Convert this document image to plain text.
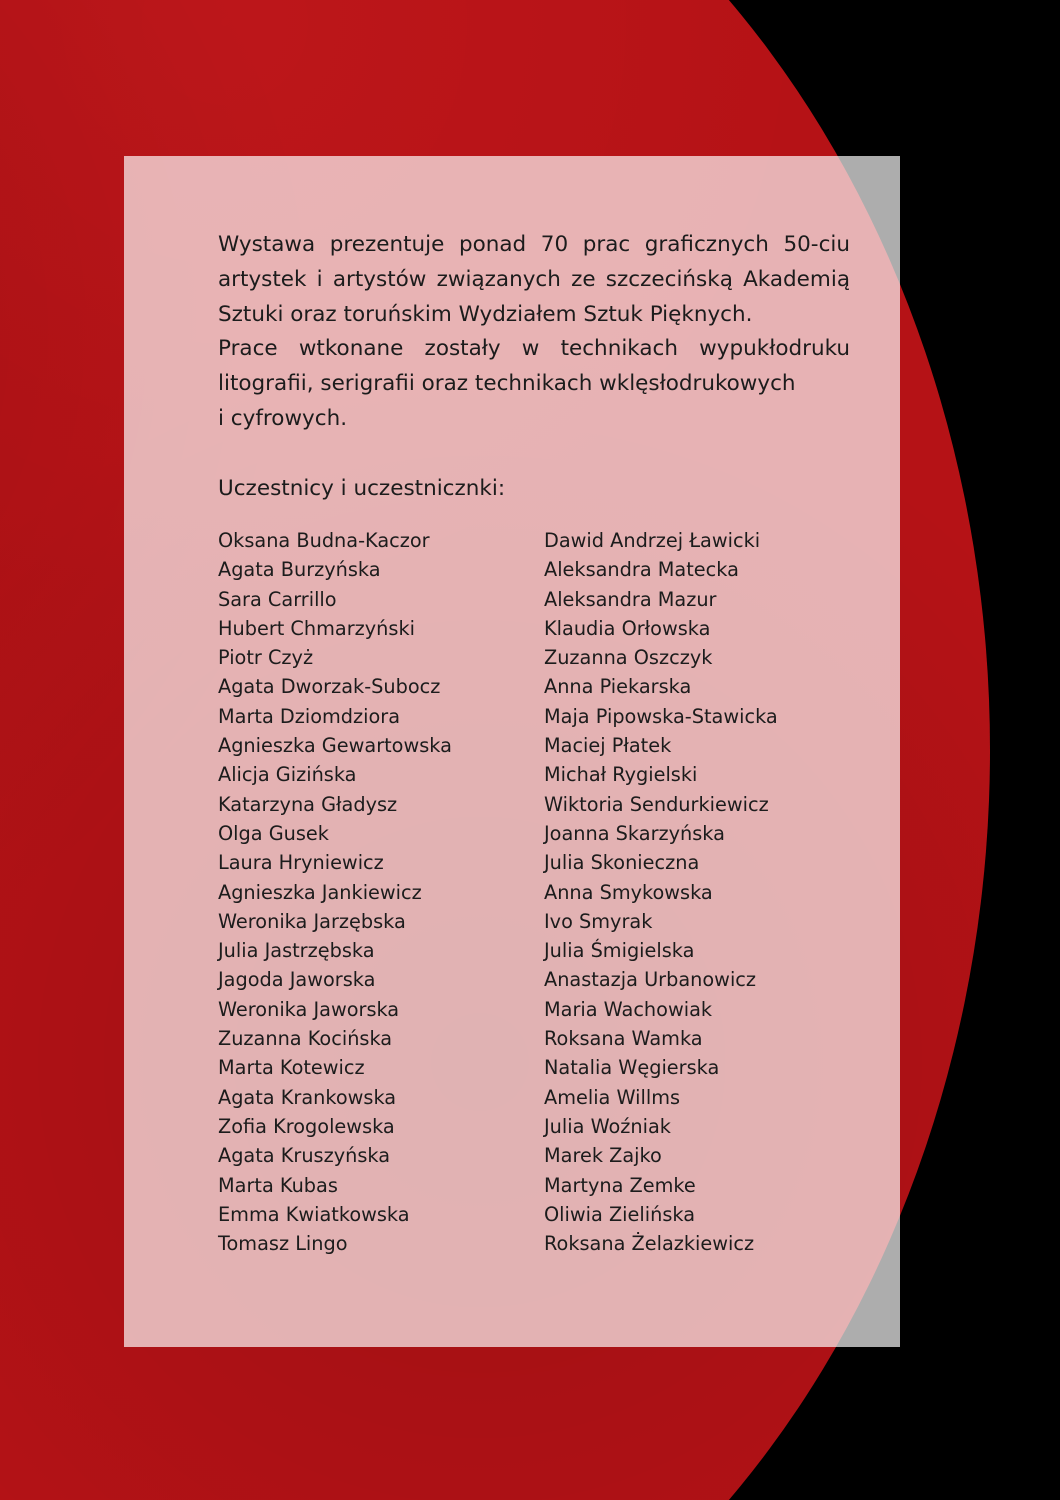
Wystawa prezentuje ponad 70 prac graficznych 50-ciu

artystek i artystów związanych ze szczecińską Akademią

Sztuki oraz toruńskim Wydziałem Sztuk Pięknych.

Prace wtkonane zostały w technikach wypukłodruku

litografii, serigrafii oraz technikach wklęsłodrukowych

i cyfrowych.

Uczestnicy i uczestnicznki:
Oksana Budna-Kaczor
Agata Burzyńska
Sara Carrillo
Hubert Chmarzyński
Piotr Czyż
Agata Dworzak-Subocz
Marta Dziomdziora
Agnieszka Gewartowska
Alicja Gizińska
Katarzyna Gładysz
Olga Gusek
Laura Hryniewicz
Agnieszka Jankiewicz
Weronika Jarzębska
Julia Jastrzębska
Jagoda Jaworska
Weronika Jaworska
Zuzanna Kocińska
Marta Kotewicz
Agata Krankowska
Zofia Krogolewska
Agata Kruszyńska
Marta Kubas
Emma Kwiatkowska
Tomasz Lingo
Dawid Andrzej Ławicki
Aleksandra Matecka
Aleksandra Mazur
Klaudia Orłowska
Zuzanna Oszczyk
Anna Piekarska
Maja Pipowska-Stawicka
Maciej Płatek
Michał Rygielski
Wiktoria Sendurkiewicz
Joanna Skarzyńska
Julia Skonieczna
Anna Smykowska
Ivo Smyrak
Julia Śmigielska
Anastazja Urbanowicz
Maria Wachowiak
Roksana Wamka
Natalia Węgierska
Amelia Willms
Julia Woźniak
Marek Zajko
Martyna Zemke
Oliwia Zielińska
Roksana Żelazkiewicz
